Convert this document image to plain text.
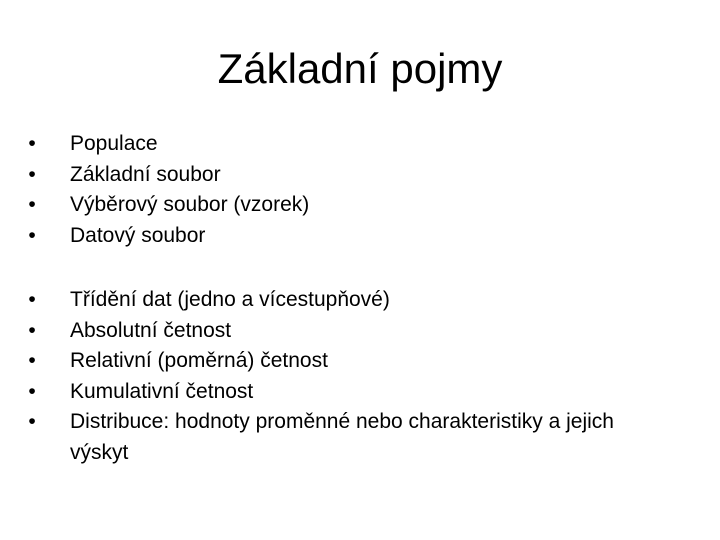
Základní pojmy
• Populace
• Základní soubor
• Výběrový soubor (vzorek)
• Datový soubor
• Třídění dat (jedno a vícestupňové)
• Absolutní četnost
• Relativní (poměrná) četnost
• Kumulativní četnost
• Distribuce: hodnoty proměnné nebo charakteristiky a jejich výskyt
